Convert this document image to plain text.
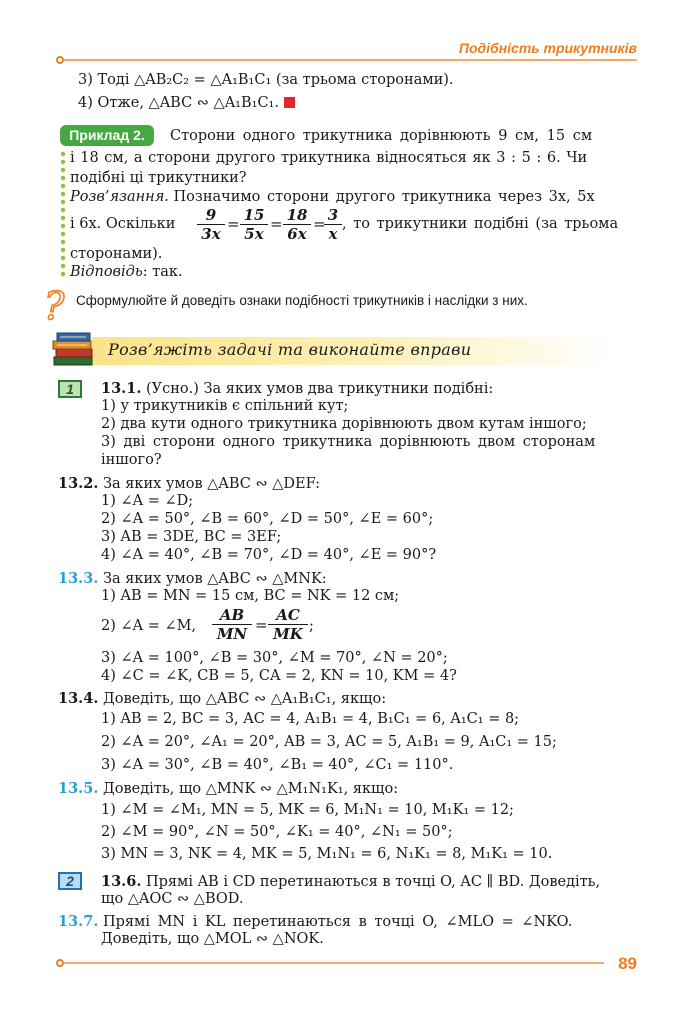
Подібність трикутників
3) Тоді △AB₂C₂ = △A₁B₁C₁ (за трьома сторонами).
4) Отже, △ABC ∾ △A₁B₁C₁.
Приклад 2.	Сторони одного трикутника дорівнюють 9 см, 15 см
і 18 см, а сторони другого трикутника відносяться як 3 : 5 : 6. Чи
подібні ці трикутники?
Розв’язання. Позначимо сторони другого трикутника через 3x, 5x
і 6x. Оскільки $\frac{9}{3x} = \frac{15}{5x} = \frac{18}{6x}$ =
$\frac{3}{x}$ , то трикутники подібні (за трьома
сторонами).
Відповідь: так.
? Сформулюйте й доведіть ознаки подібності трикутників і наслідки з них.
Розв’яжіть задачі та виконайте вправи
1	13.1. (Усно.) За яких умов два трикутники подібні:
1) у трикутників є спільний кут;
2) два кути одного трикутника дорівнюють двом кутам іншого;
3) дві сторони одного трикутника дорівнюють двом сторонам
іншого?
13.2. За яких умов △ABC ∾ △DEF:
1) ∠A = ∠D;
2) ∠A = 50°, ∠B = 60°, ∠D = 50°, ∠E = 60°;
3) AB = 3DE, BC = 3EF;
4) ∠A = 40°, ∠B = 70°, ∠D = 40°, ∠E = 90°?
13.3. За яких умов △ABC ∾ △MNK:
1) AB = MN = 15 см, BC = NK = 12 см;
2) ∠A = ∠M, $\frac{AB}{MN} = \frac{AC}{MK}$ ;
3) ∠A = 100°, ∠B = 30°, ∠M = 70°, ∠N = 20°;
4) ∠C = ∠K, CB = 5, CA = 2, KN = 10, KM = 4?
13.4. Доведіть, що △ABC ∾ △A₁B₁C₁, якщо:
1) AB = 2, BC = 3, AC = 4, A₁B₁ = 4, B₁C₁ = 6, A₁C₁ = 8;
2) ∠A = 20°, ∠A₁ = 20°, AB = 3, AC = 5, A₁B₁ = 9, A₁C₁ = 15;
3) ∠A = 30°, ∠B = 40°, ∠B₁ = 40°, ∠C₁ = 110°.
13.5. Доведіть, що △MNK ∾ △M₁N₁K₁, якщо:
1) ∠M = ∠M₁, MN = 5, MK = 6, M₁N₁ = 10, M₁K₁ = 12;
2) ∠M = 90°, ∠N = 50°, ∠K₁ = 40°, ∠N₁ = 50°;
3) MN = 3, NK = 4, MK = 5, M₁N₁ = 6, N₁K₁ = 8, M₁K₁ = 10.
2	13.6. Прямі AB і CD перетинаються в точці O, AC ∥ BD. Доведіть,
що △AOC ∾ △BOD.
13.7. Прямі MN і KL перетинаються в точці O, ∠MLO = ∠NKO.
Доведіть, що △MOL ∾ △NOK.
89
